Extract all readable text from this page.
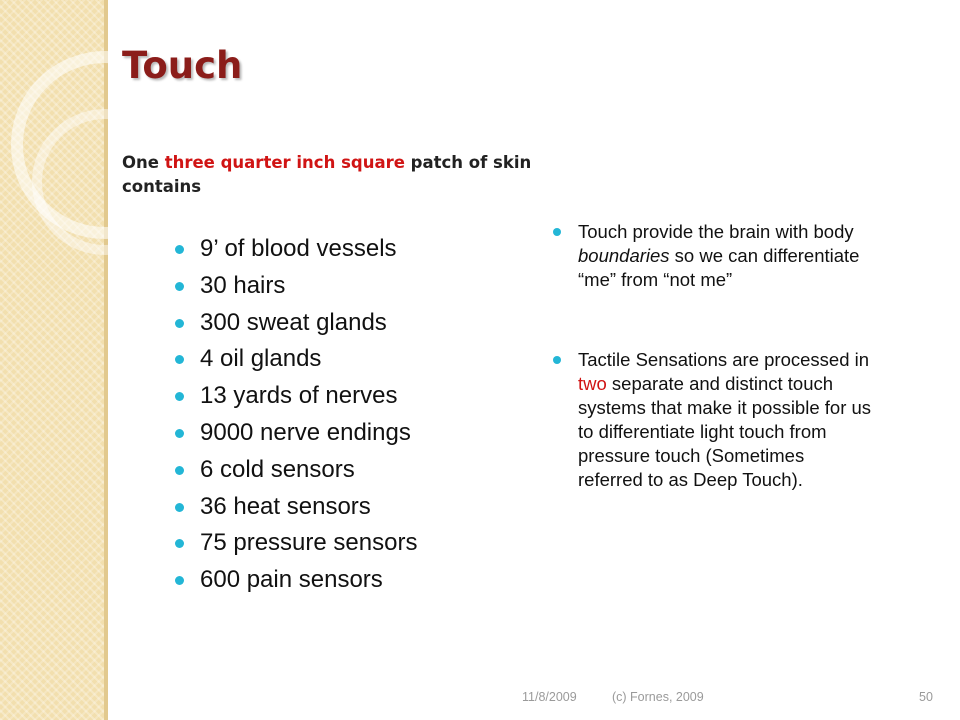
Touch

One three quarter inch square patch of skin contains

9’ of blood vessels
30 hairs
300 sweat glands
4 oil glands
13 yards of nerves
9000 nerve endings
6 cold sensors
36 heat sensors
75 pressure sensors
600 pain sensors
Touch provide the brain with body boundaries so we can differentiate “me” from “not me”
Tactile Sensations are processed in two separate and distinct touch systems that make it possible for us to differentiate light touch from pressure touch (Sometimes referred to as Deep Touch).
11/8/2009	(c) Fornes, 2009	50
